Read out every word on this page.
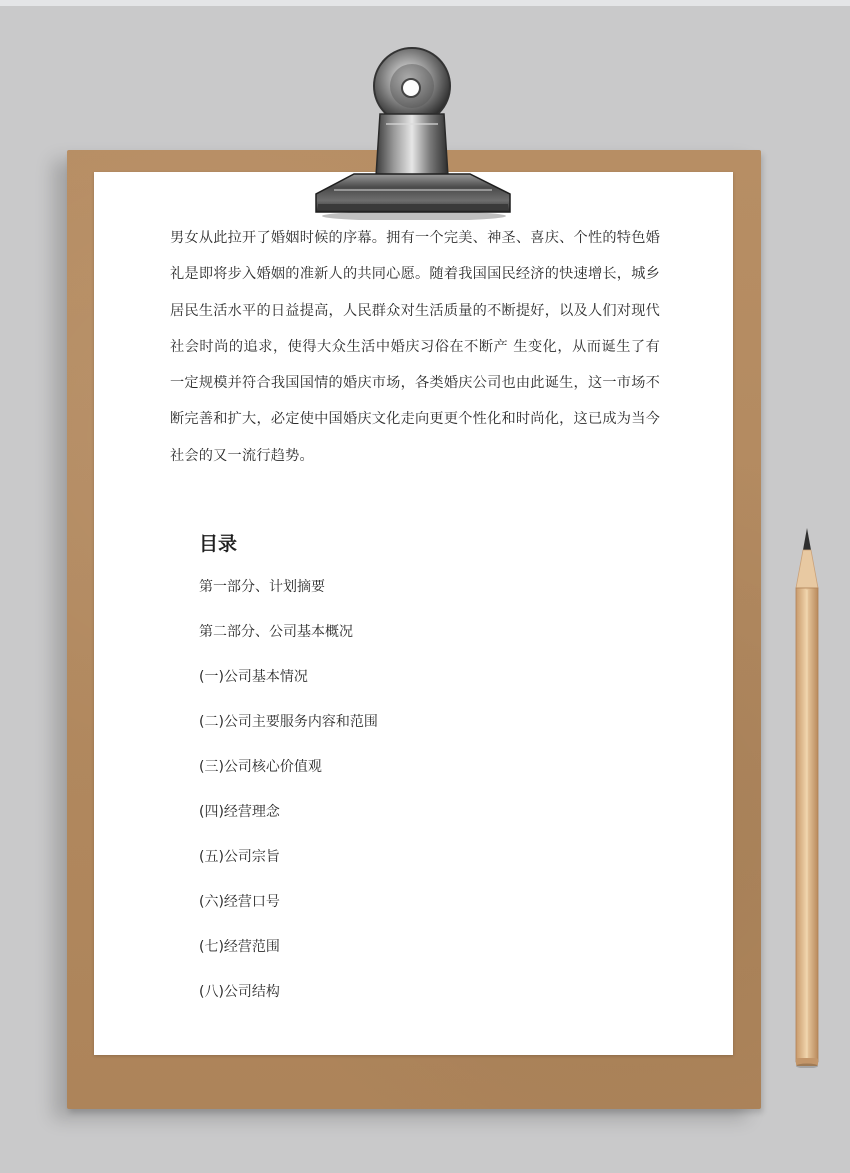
男女从此拉开了婚姻时候的序幕。拥有一个完美、神圣、喜庆、个性的特色婚礼是即将步入婚姻的准新人的共同心愿。随着我国国民经济的快速增长，城乡居民生活水平的日益提高，人民群众对生活质量的不断提好，以及人们对现代社会时尚的追求，使得大众生活中婚庆习俗在不断产 生变化，从而诞生了有一定规模并符合我国国情的婚庆市场，各类婚庆公司也由此诞生，这一市场不断完善和扩大，必定使中国婚庆文化走向更更个性化和时尚化，这已成为当今社会的又一流行趋势。

目录
第一部分、计划摘要
第二部分、公司基本概况
(一)公司基本情况
(二)公司主要服务内容和范围
(三)公司核心价值观
(四)经营理念
(五)公司宗旨
(六)经营口号
(七)经营范围
(八)公司结构
